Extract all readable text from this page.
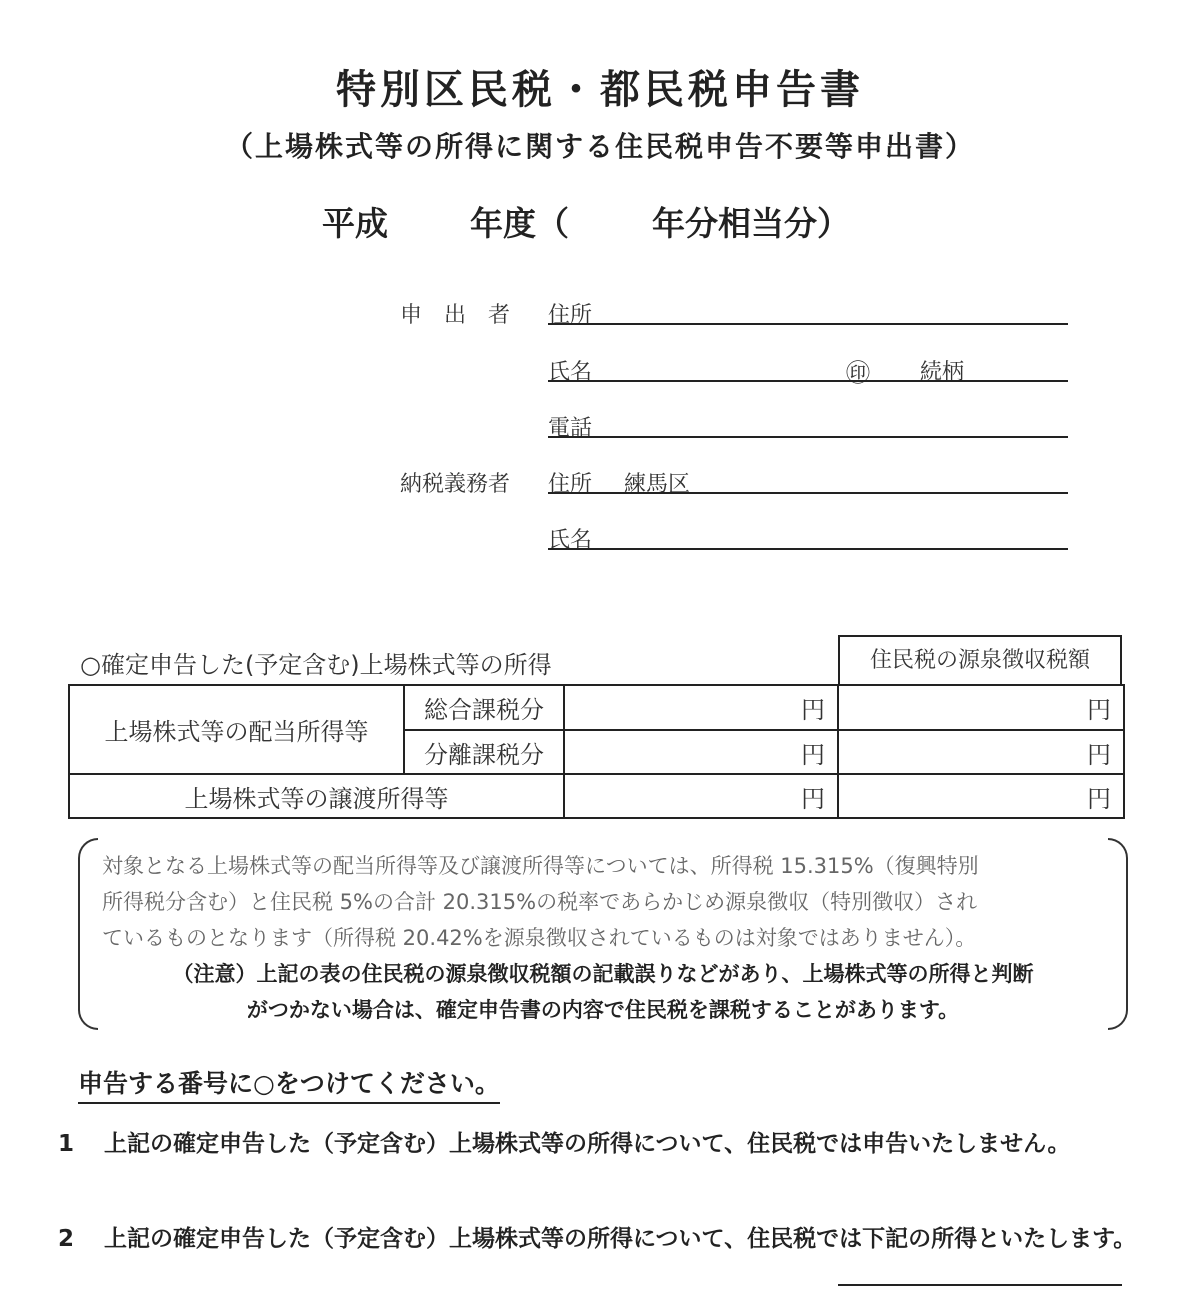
特別区民税・都民税申告書
（上場株式等の所得に関する住民税申告不要等申出書）
平成 年度（	年分相当分）
申　出　者 住所
氏名	㊞ 続柄
電話
納税義務者 住所 練馬区
氏名
○確定申告した(予定含む)上場株式等の所得	住民税の源泉徴収税額
上場株式等の配当所得等	総合課税分	円	円
	分離課税分	円	円
上場株式等の譲渡所得等		円	円

対象となる上場株式等の配当所得等及び譲渡所得等については、所得税 15.315%（復興特別

所得税分含む）と住民税 5%の合計 20.315%の税率であらかじめ源泉徴収（特別徴収）され

ているものとなります（所得税 20.42%を源泉徴収されているものは対象ではありません）。

（注意）上記の表の住民税の源泉徴収税額の記載誤りなどがあり、上場株式等の所得と判断

がつかない場合は、確定申告書の内容で住民税を課税することがあります。

申告する番号に○をつけてください。
1 上記の確定申告した（予定含む）上場株式等の所得について、住民税では申告いたしません。
2 上記の確定申告した（予定含む）上場株式等の所得について、住民税では下記の所得といたします。
